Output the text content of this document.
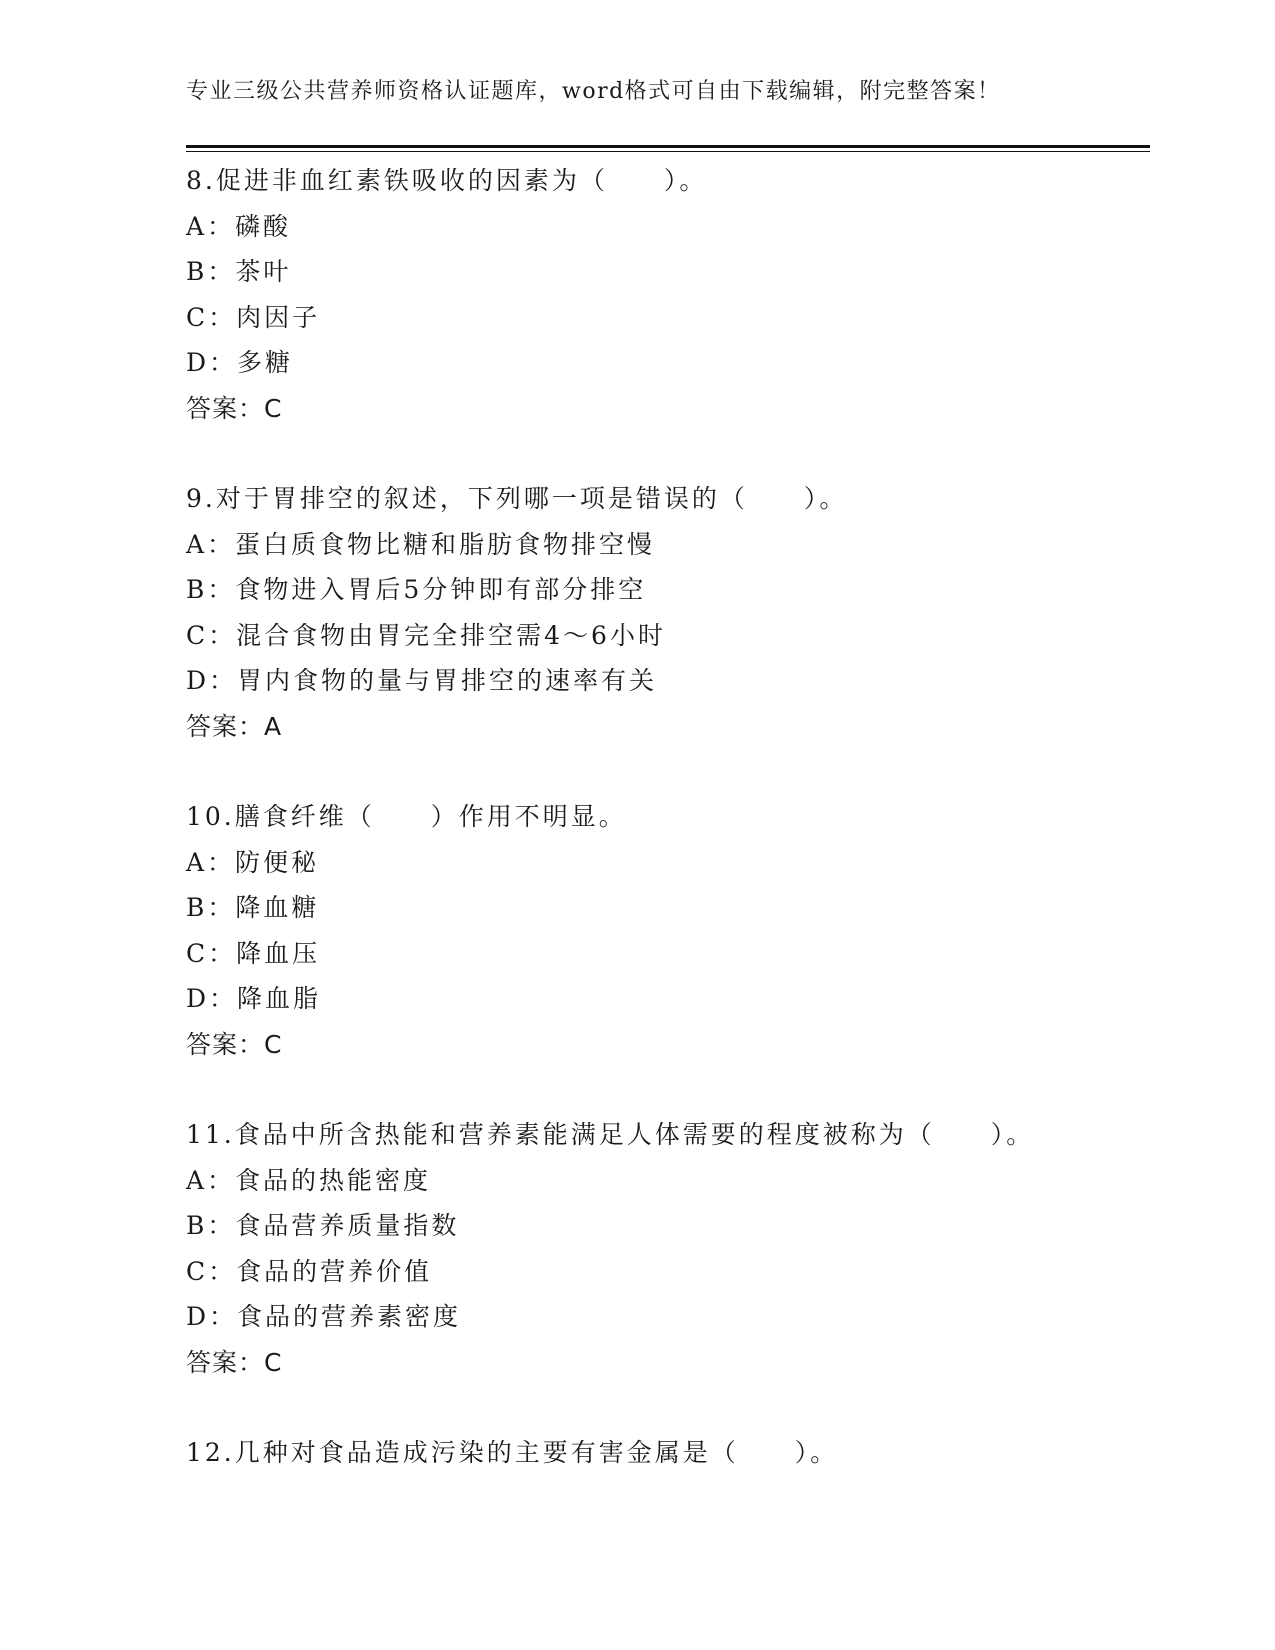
专业三级公共营养师资格认证题库，word格式可自由下载编辑，附完整答案！
8.促进非血红素铁吸收的因素为（　　）。
A：磷酸
B：茶叶
C：肉因子
D：多糖
答案：C
9.对于胃排空的叙述，下列哪一项是错误的（　　）。
A：蛋白质食物比糖和脂肪食物排空慢
B：食物进入胃后5分钟即有部分排空
C：混合食物由胃完全排空需4～6小时
D：胃内食物的量与胃排空的速率有关
答案：A
10.膳食纤维（　　）作用不明显。
A：防便秘
B：降血糖
C：降血压
D：降血脂
答案：C
11.食品中所含热能和营养素能满足人体需要的程度被称为（　　）。
A：食品的热能密度
B：食品营养质量指数
C：食品的营养价值
D：食品的营养素密度
答案：C
12.几种对食品造成污染的主要有害金属是（　　）。
